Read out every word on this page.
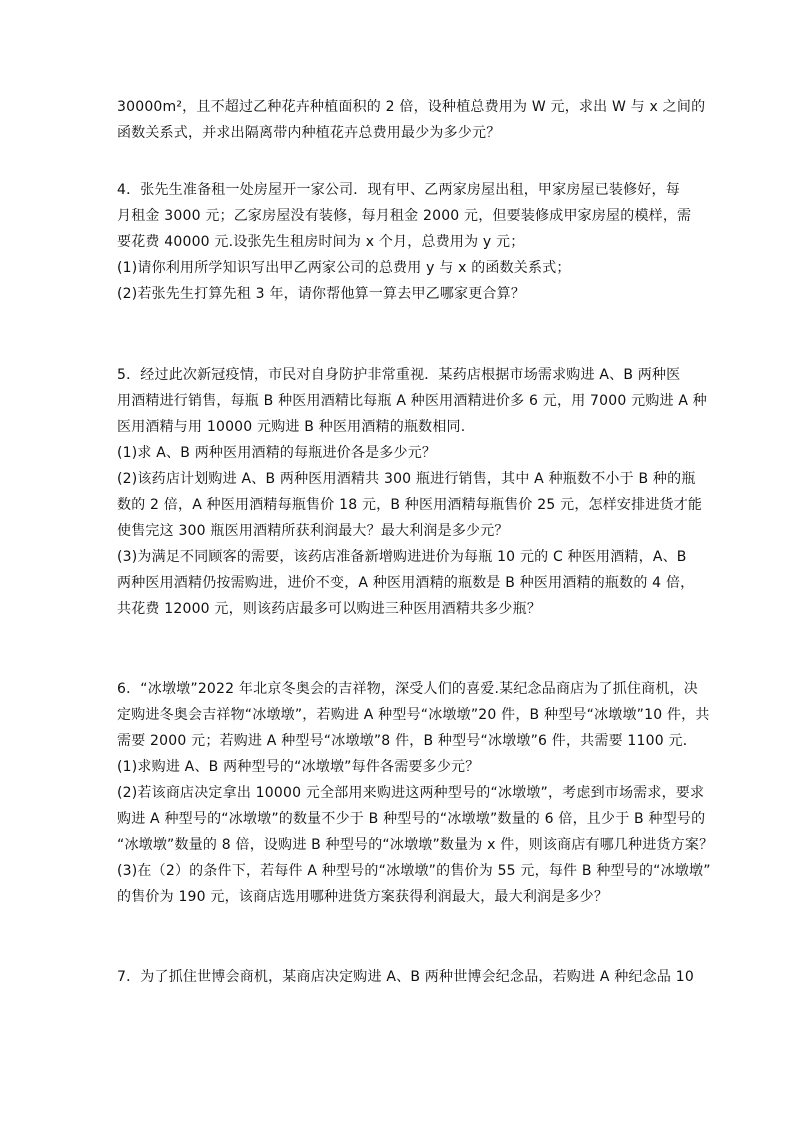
30000m²，且不超过乙种花卉种植面积的 2 倍，设种植总费用为 W 元，求出 W 与 x 之间的
函数关系式，并求出隔离带内种植花卉总费用最少为多少元？
4．张先生准备租一处房屋开一家公司．现有甲、乙两家房屋出租，甲家房屋已装修好，每
月租金 3000 元；乙家房屋没有装修，每月租金 2000 元，但要装修成甲家房屋的模样，需
要花费 40000 元.设张先生租房时间为 x 个月，总费用为 y 元；
(1)请你利用所学知识写出甲乙两家公司的总费用 y 与 x 的函数关系式；
(2)若张先生打算先租 3 年，请你帮他算一算去甲乙哪家更合算？
5．经过此次新冠疫情，市民对自身防护非常重视．某药店根据市场需求购进 A、B 两种医
用酒精进行销售，每瓶 B 种医用酒精比每瓶 A 种医用酒精进价多 6 元，用 7000 元购进 A 种
医用酒精与用 10000 元购进 B 种医用酒精的瓶数相同.
(1)求 A、B 两种医用酒精的每瓶进价各是多少元？
(2)该药店计划购进 A、B 两种医用酒精共 300 瓶进行销售，其中 A 种瓶数不小于 B 种的瓶
数的 2 倍，A 种医用酒精每瓶售价 18 元，B 种医用酒精每瓶售价 25 元，怎样安排进货才能
使售完这 300 瓶医用酒精所获利润最大？最大利润是多少元？
(3)为满足不同顾客的需要，该药店准备新增购进进价为每瓶 10 元的 C 种医用酒精，A、B
两种医用酒精仍按需购进，进价不变，A 种医用酒精的瓶数是 B 种医用酒精的瓶数的 4 倍，
共花费 12000 元，则该药店最多可以购进三种医用酒精共多少瓶？
6．“冰墩墩”2022 年北京冬奥会的吉祥物，深受人们的喜爱.某纪念品商店为了抓住商机，决
定购进冬奥会吉祥物“冰墩墩”，若购进 A 种型号“冰墩墩”20 件，B 种型号“冰墩墩”10 件，共
需要 2000 元；若购进 A 种型号“冰墩墩”8 件，B 种型号“冰墩墩”6 件，共需要 1100 元．
(1)求购进 A、B 两种型号的“冰墩墩”每件各需要多少元？
(2)若该商店决定拿出 10000 元全部用来购进这两种型号的“冰墩墩”，考虑到市场需求，要求
购进 A 种型号的“冰墩墩”的数量不少于 B 种型号的“冰墩墩”数量的 6 倍，且少于 B 种型号的
“冰墩墩”数量的 8 倍，设购进 B 种型号的“冰墩墩”数量为 x 件，则该商店有哪几种进货方案？
(3)在（2）的条件下，若每件 A 种型号的“冰墩墩”的售价为 55 元，每件 B 种型号的“冰墩墩”
的售价为 190 元，该商店选用哪种进货方案获得利润最大，最大利润是多少？
7．为了抓住世博会商机，某商店决定购进 A、B 两种世博会纪念品，若购进 A 种纪念品 10
